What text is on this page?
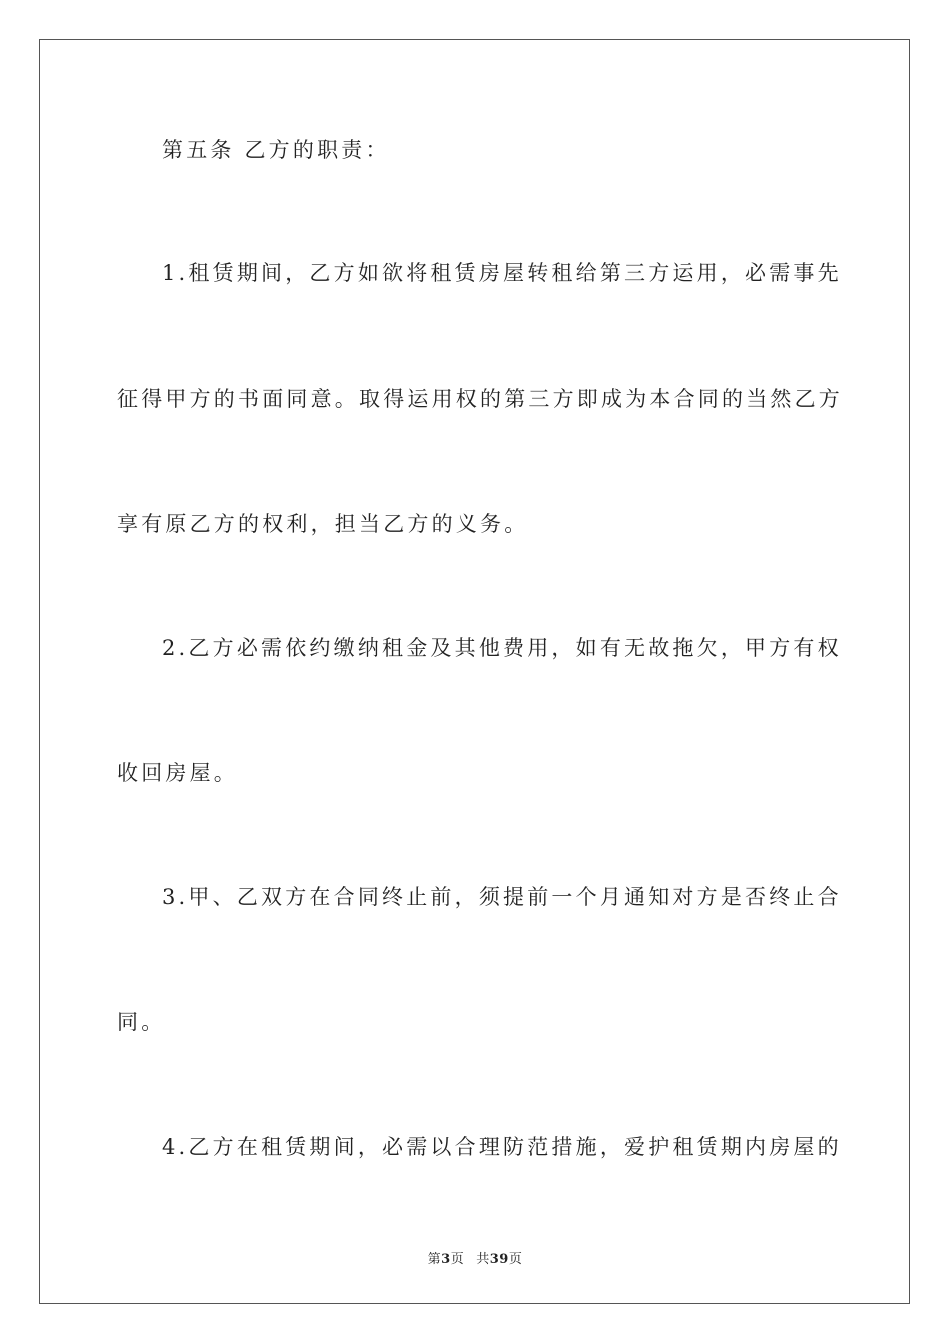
第五条 乙方的职责：
1.租赁期间，乙方如欲将租赁房屋转租给第三方运用，必需事先
征得甲方的书面同意。取得运用权的第三方即成为本合同的当然乙方
享有原乙方的权利，担当乙方的义务。
2.乙方必需依约缴纳租金及其他费用，如有无故拖欠，甲方有权
收回房屋。
3.甲、乙双方在合同终止前，须提前一个月通知对方是否终止合
同。
4.乙方在租赁期间，必需以合理防范措施，爱护租赁期内房屋的
第3页 共39页
